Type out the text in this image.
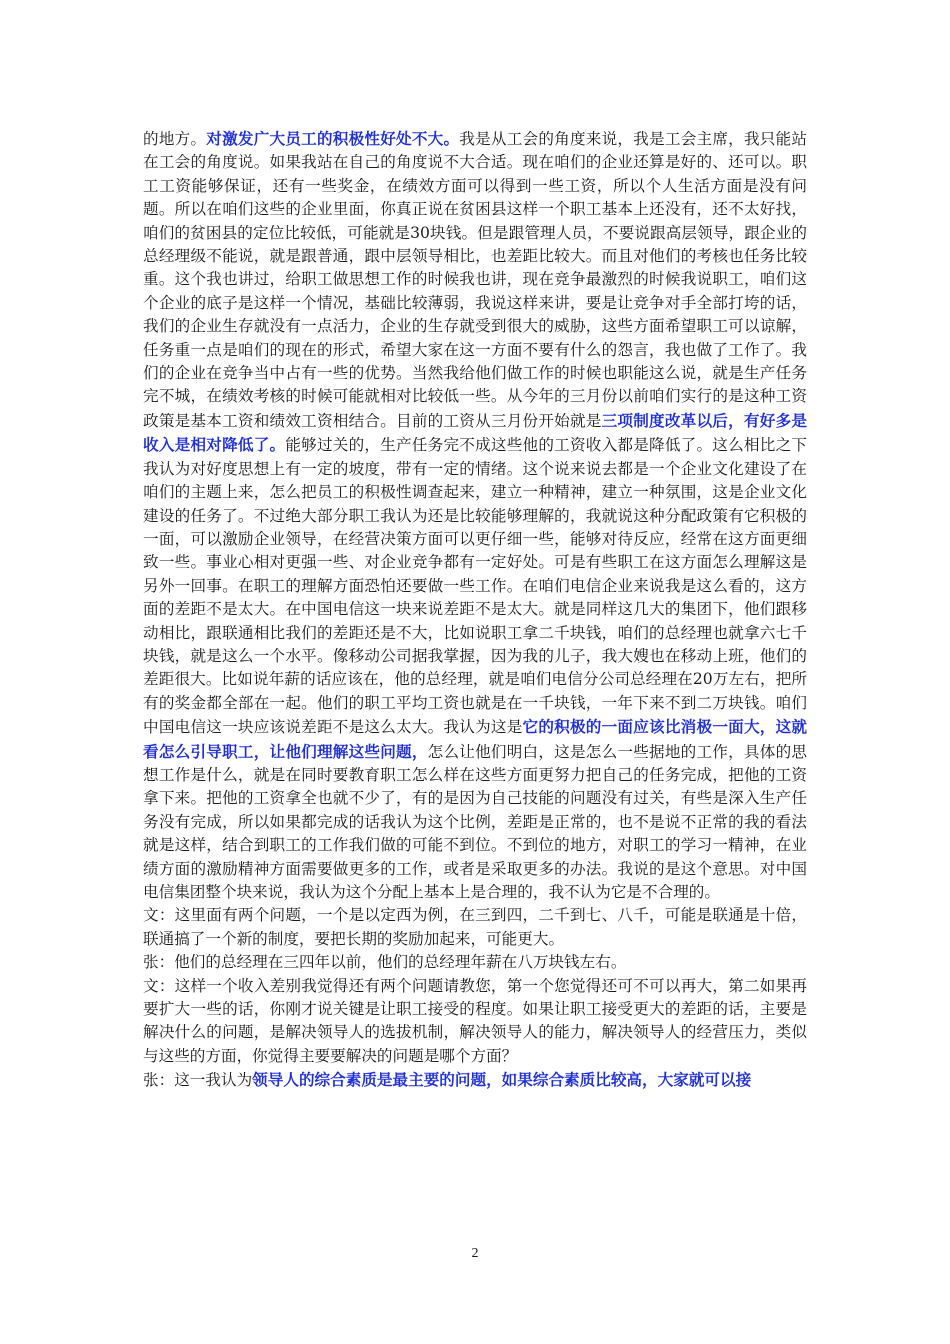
的地方。对激发广大员工的积极性好处不大。我是从工会的角度来说，我是工会主席，我只能站在工会的角度说。如果我站在自己的角度说不大合适。现在咱们的企业还算是好的、还可以。职工工资能够保证，还有一些奖金，在绩效方面可以得到一些工资，所以个人生活方面是没有问题。所以在咱们这些的企业里面，你真正说在贫困县这样一个职工基本上还没有，还不太好找，咱们的贫困县的定位比较低，可能就是30块钱。但是跟管理人员，不要说跟高层领导，跟企业的总经理级不能说，就是跟普通，跟中层领导相比，也差距比较大。而且对他们的考核也任务比较重。这个我也讲过，给职工做思想工作的时候我也讲，现在竞争最激烈的时候我说职工，咱们这个企业的底子是这样一个情况，基础比较薄弱，我说这样来讲，要是让竞争对手全部打垮的话，我们的企业生存就没有一点活力，企业的生存就受到很大的威胁，这些方面希望职工可以谅解，任务重一点是咱们的现在的形式，希望大家在这一方面不要有什么的怨言，我也做了工作了。我们的企业在竞争当中占有一些的优势。当然我给他们做工作的时候也职能这么说，就是生产任务完不城，在绩效考核的时候可能就相对比较低一些。从今年的三月份以前咱们实行的是这种工资政策是基本工资和绩效工资相结合。目前的工资从三月份开始就是三项制度改革以后，有好多是收入是相对降低了。能够过关的，生产任务完不成这些他的工资收入都是降低了。这么相比之下我认为对好度思想上有一定的坡度，带有一定的情绪。这个说来说去都是一个企业文化建设了在咱们的主题上来，怎么把员工的积极性调查起来，建立一种精神，建立一种氛围，这是企业文化建设的任务了。不过绝大部分职工我认为还是比较能够理解的，我就说这种分配政策有它积极的一面，可以激励企业领导，在经营决策方面可以更仔细一些，能够对待反应，经常在这方面更细致一些。事业心相对更强一些、对企业竞争都有一定好处。可是有些职工在这方面怎么理解这是另外一回事。在职工的理解方面恐怕还要做一些工作。在咱们电信企业来说我是这么看的，这方面的差距不是太大。在中国电信这一块来说差距不是太大。就是同样这几大的集团下，他们跟移动相比，跟联通相比我们的差距还是不大，比如说职工拿二千块钱，咱们的总经理也就拿六七千块钱，就是这么一个水平。像移动公司据我掌握，因为我的儿子，我大嫂也在移动上班，他们的差距很大。比如说年薪的话应该在，他的总经理，就是咱们电信分公司总经理在20万左右，把所有的奖金都全部在一起。他们的职工平均工资也就是在一千块钱，一年下来不到二万块钱。咱们中国电信这一块应该说差距不是这么太大。我认为这是它的积极的一面应该比消极一面大，这就看怎么引导职工，让他们理解这些问题，怎么让他们明白，这是怎么一些据地的工作，具体的思想工作是什么，就是在同时要教育职工怎么样在这些方面更努力把自己的任务完成，把他的工资拿下来。把他的工资拿全也就不少了，有的是因为自己技能的问题没有过关，有些是深入生产任务没有完成，所以如果都完成的话我认为这个比例，差距是正常的，也不是说不正常的我的看法就是这样，结合到职工的工作我们做的可能不到位。不到位的地方，对职工的学习一精神，在业绩方面的激励精神方面需要做更多的工作，或者是采取更多的办法。我说的是这个意思。对中国电信集团整个块来说，我认为这个分配上基本上是合理的，我不认为它是不合理的。

文：这里面有两个问题，一个是以定西为例，在三到四，二千到七、八千，可能是联通是十倍，联通搞了一个新的制度，要把长期的奖励加起来，可能更大。

张：他们的总经理在三四年以前，他们的总经理年薪在八万块钱左右。

文：这样一个收入差别我觉得还有两个问题请教您，第一个您觉得还可不可以再大，第二如果再要扩大一些的话，你刚才说关键是让职工接受的程度。如果让职工接受更大的差距的话，主要是解决什么的问题，是解决领导人的选拔机制，解决领导人的能力，解决领导人的经营压力，类似与这些的方面，你觉得主要要解决的问题是哪个方面？

张：这一我认为领导人的综合素质是最主要的问题，如果综合素质比较高，大家就可以接

2
